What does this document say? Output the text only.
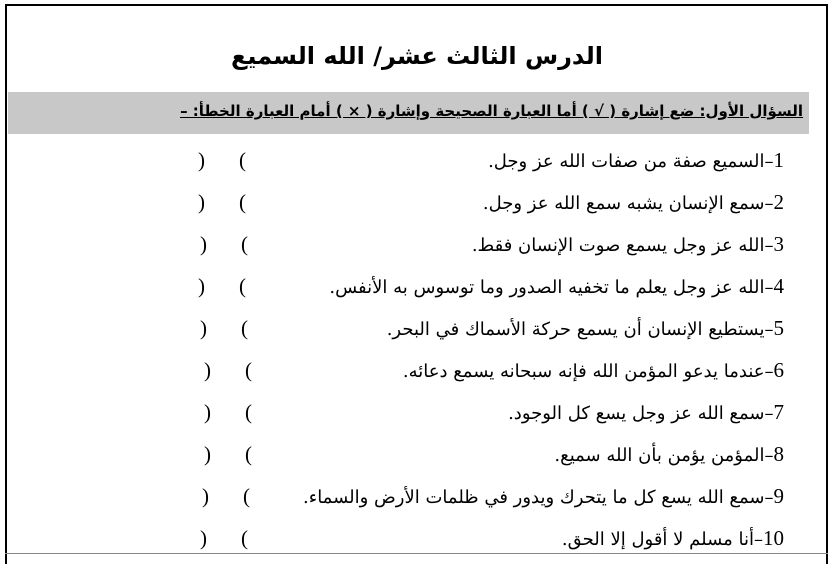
الدرس الثالث عشر/ الله السميع
السؤال الأول: ضع إشارة ( √ ) أما العبارة الصحيحة وإشارة ( × ) أمام العبارة الخطأ: –
1–السميع صفة من صفات الله عز وجل.
) (
2–سمع الإنسان يشبه سمع الله عز وجل.
) (
3–الله عز وجل يسمع صوت الإنسان فقط.
) (
4–الله عز وجل يعلم ما تخفيه الصدور وما توسوس به الأنفس.
) (
5–يستطيع الإنسان أن يسمع حركة الأسماك في البحر.
) (
6–عندما يدعو المؤمن الله فإنه سبحانه يسمع دعائه.
) (
7–سمع الله عز وجل يسع كل الوجود.
) (
8–المؤمن يؤمن بأن الله سميع.
) (
9–سمع الله يسع كل ما يتحرك ويدور في ظلمات الأرض والسماء.
) (
10–أنا مسلم لا أقول إلا الحق.
) (
